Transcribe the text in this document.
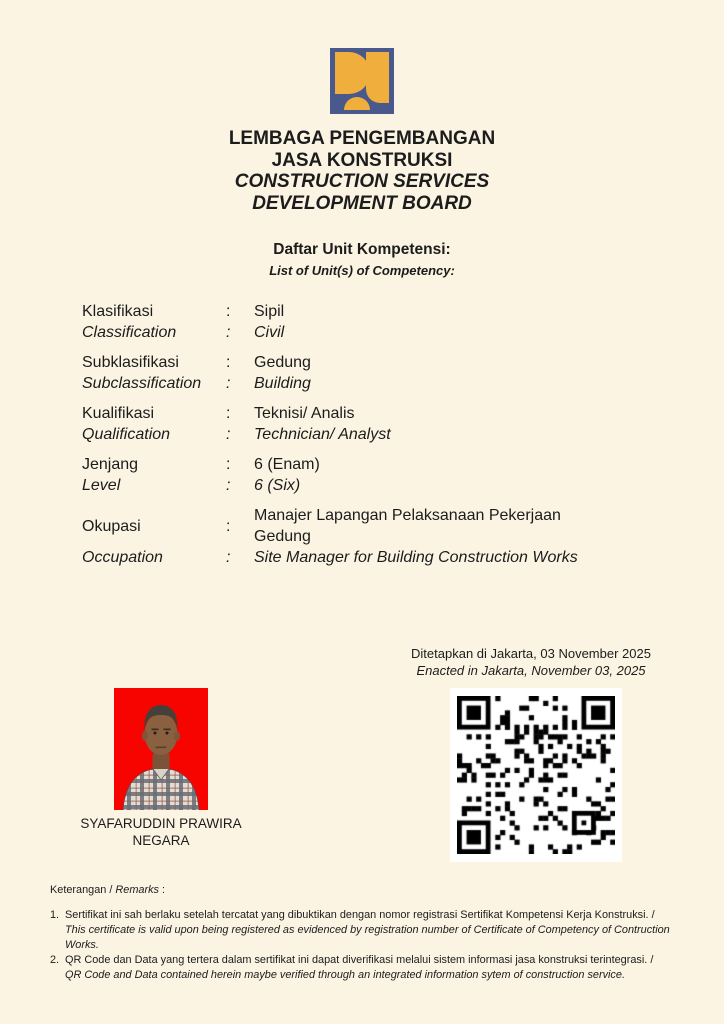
LEMBAGA PENGEMBANGAN
JASA KONSTRUKSI
CONSTRUCTION SERVICES
DEVELOPMENT BOARD
Daftar Unit Kompetensi:
List of Unit(s) of Competency:
Klasifikasi	:	Sipil
Classification	:	Civil
Subklasifikasi	:	Gedung
Subclassification	:	Building
Kualifikasi	:	Teknisi/ Analis
Qualification	:	Technician/ Analyst
Jenjang	:	6 (Enam)
Level	:	6 (Six)
Okupasi	:
Manajer Lapangan Pelaksanaan Pekerjaan Gedung
Occupation	:	Site Manager for Building Construction Works
Ditetapkan di Jakarta, 03 November 2025
Enacted in Jakarta, November 03, 2025
SYAFARUDDIN PRAWIRA
NEGARA
Keterangan / Remarks :
1. Sertifikat ini sah berlaku setelah tercatat yang dibuktikan dengan nomor registrasi Sertifikat Kompetensi Kerja Konstruksi. /
This certificate is valid upon being registered as evidenced by registration number of Certificate of Competency of Contruction Works.
2. QR Code dan Data yang tertera dalam sertifikat ini dapat diverifikasi melalui sistem informasi jasa konstruksi terintegrasi. /
QR Code and Data contained herein maybe verified through an integrated information sytem of construction service.
